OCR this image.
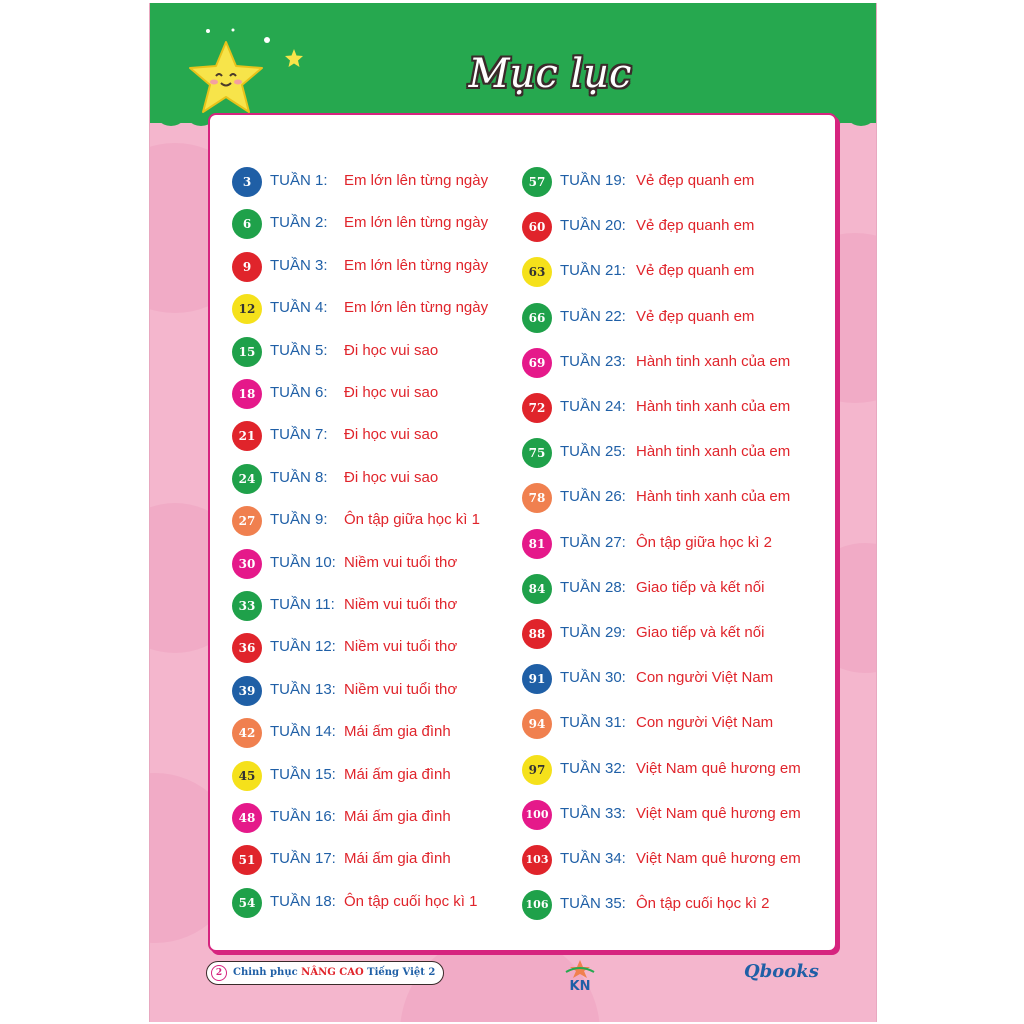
Mục lục
3	TUẦN 1: Em lớn lên từng ngày
6	TUẦN 2: Em lớn lên từng ngày
9	TUẦN 3: Em lớn lên từng ngày
12 TUẦN 4: Em lớn lên từng ngày
15 TUẦN 5: Đi học vui sao
18 TUẦN 6: Đi học vui sao
21 TUẦN 7: Đi học vui sao
24 TUẦN 8: Đi học vui sao
27 TUẦN 9: Ôn tập giữa học kì 1
30 TUẦN 10: Niềm vui tuổi thơ
33 TUẦN 11: Niềm vui tuổi thơ
36 TUẦN 12: Niềm vui tuổi thơ
39 TUẦN 13: Niềm vui tuổi thơ
42 TUẦN 14: Mái ấm gia đình
45 TUẦN 15: Mái ấm gia đình
48 TUẦN 16: Mái ấm gia đình
51 TUẦN 17: Mái ấm gia đình
54 TUẦN 18: Ôn tập cuối học kì 1
57 TUẦN 19: Vẻ đẹp quanh em
60 TUẦN 20: Vẻ đẹp quanh em
63 TUẦN 21: Vẻ đẹp quanh em
66 TUẦN 22: Vẻ đẹp quanh em
69 TUẦN 23: Hành tinh xanh của em
72 TUẦN 24: Hành tinh xanh của em
75 TUẦN 25: Hành tinh xanh của em
78 TUẦN 26: Hành tinh xanh của em
81 TUẦN 27: Ôn tập giữa học kì 2
84 TUẦN 28: Giao tiếp và kết nối
88 TUẦN 29: Giao tiếp và kết nối
91 TUẦN 30: Con người Việt Nam
94 TUẦN 31: Con người Việt Nam
97 TUẦN 32: Việt Nam quê hương em
100 TUẦN 33: Việt Nam quê hương em
103 TUẦN 34: Việt Nam quê hương em
106 TUẦN 35: Ôn tập cuối học kì 2
2	Chinh phục NÂNG CAO Tiếng Việt 2
KN
Qbooks
